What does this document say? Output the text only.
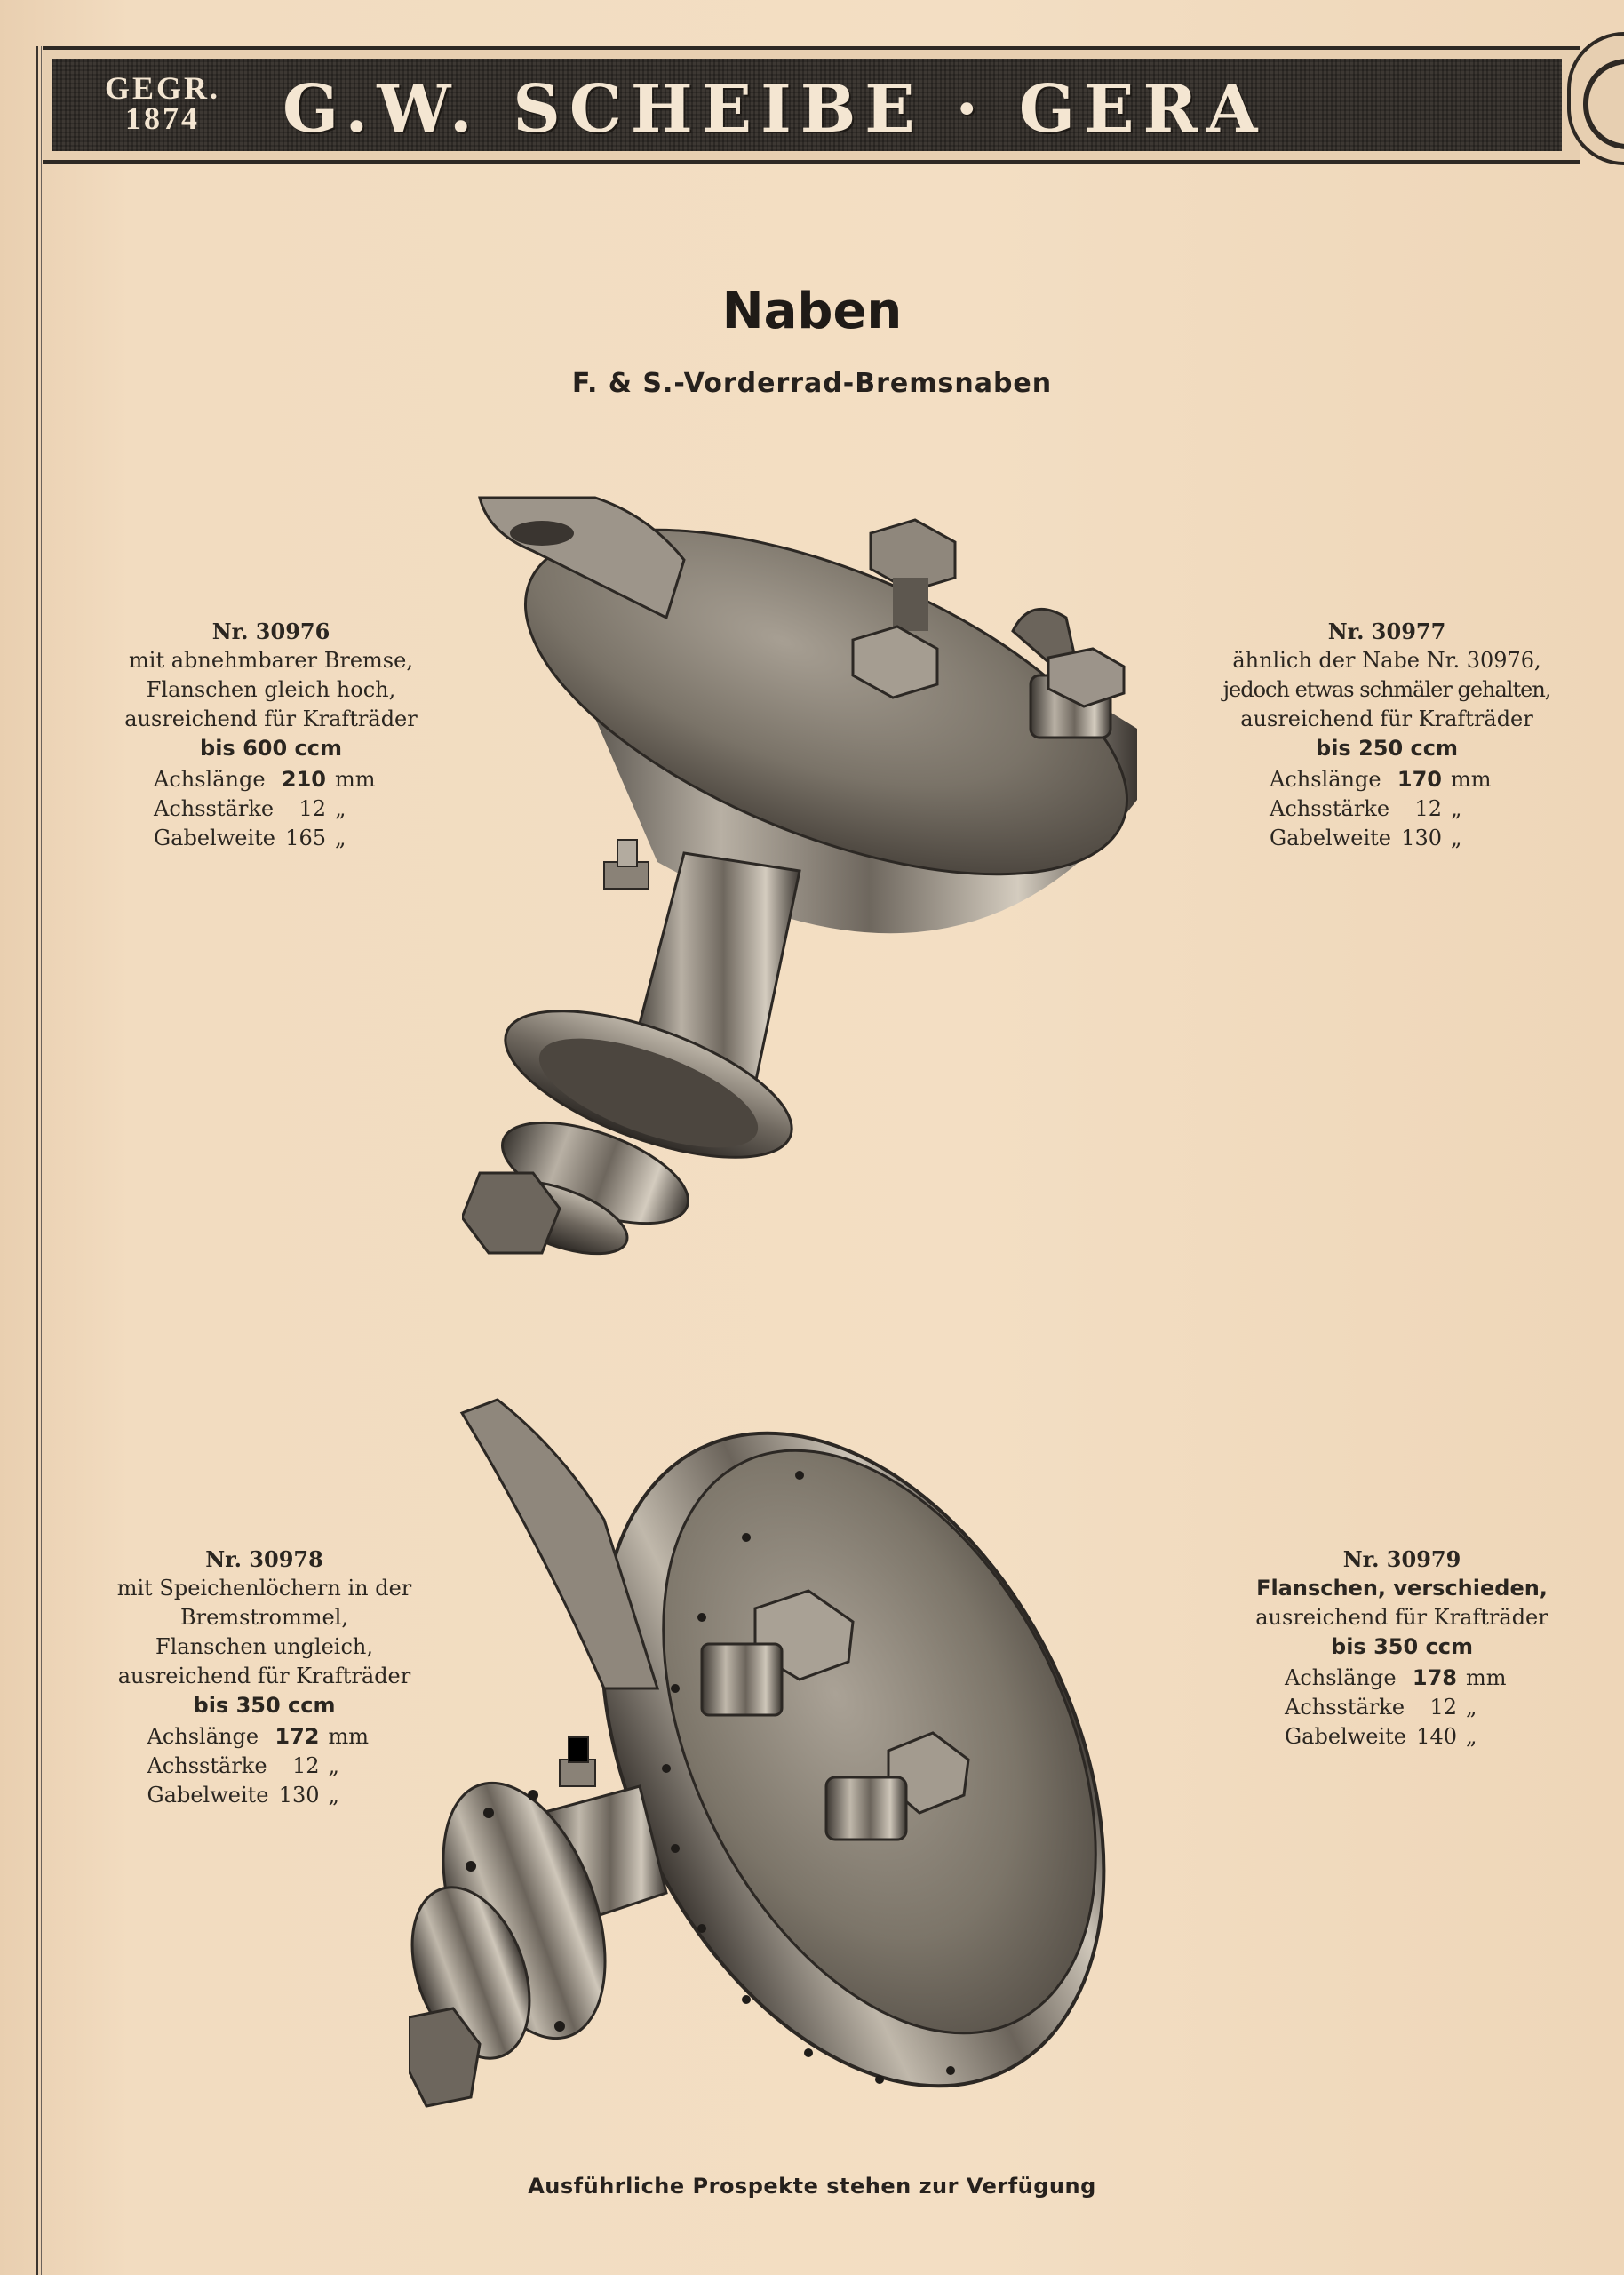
GEGR.
1874	G.W. SCHEIBE · GERA
Naben
F. & S.-Vorderrad-Bremsnaben
Nr. 30976
mit abnehmbarer Bremse,
Flanschen gleich hoch,
ausreichend für Krafträder
bis 600 ccm
Achslänge 210 mm
Achsstärke 12 „
Gabelweite 165 „
Nr. 30977
ähnlich der Nabe Nr. 30976,
jedoch etwas schmäler gehalten,
ausreichend für Krafträder
bis 250 ccm
Achslänge 170 mm
Achsstärke 12 „
Gabelweite 130 „
Nr. 30978
mit Speichenlöchern in der
Bremstrommel,
Flanschen ungleich,
ausreichend für Krafträder
bis 350 ccm
Achslänge 172 mm
Achsstärke 12 „
Gabelweite 130 „
Nr. 30979
Flanschen, verschieden,
ausreichend für Krafträder
bis 350 ccm
Achslänge 178 mm
Achsstärke 12 „
Gabelweite 140 „
Ausführliche Prospekte stehen zur Verfügung
